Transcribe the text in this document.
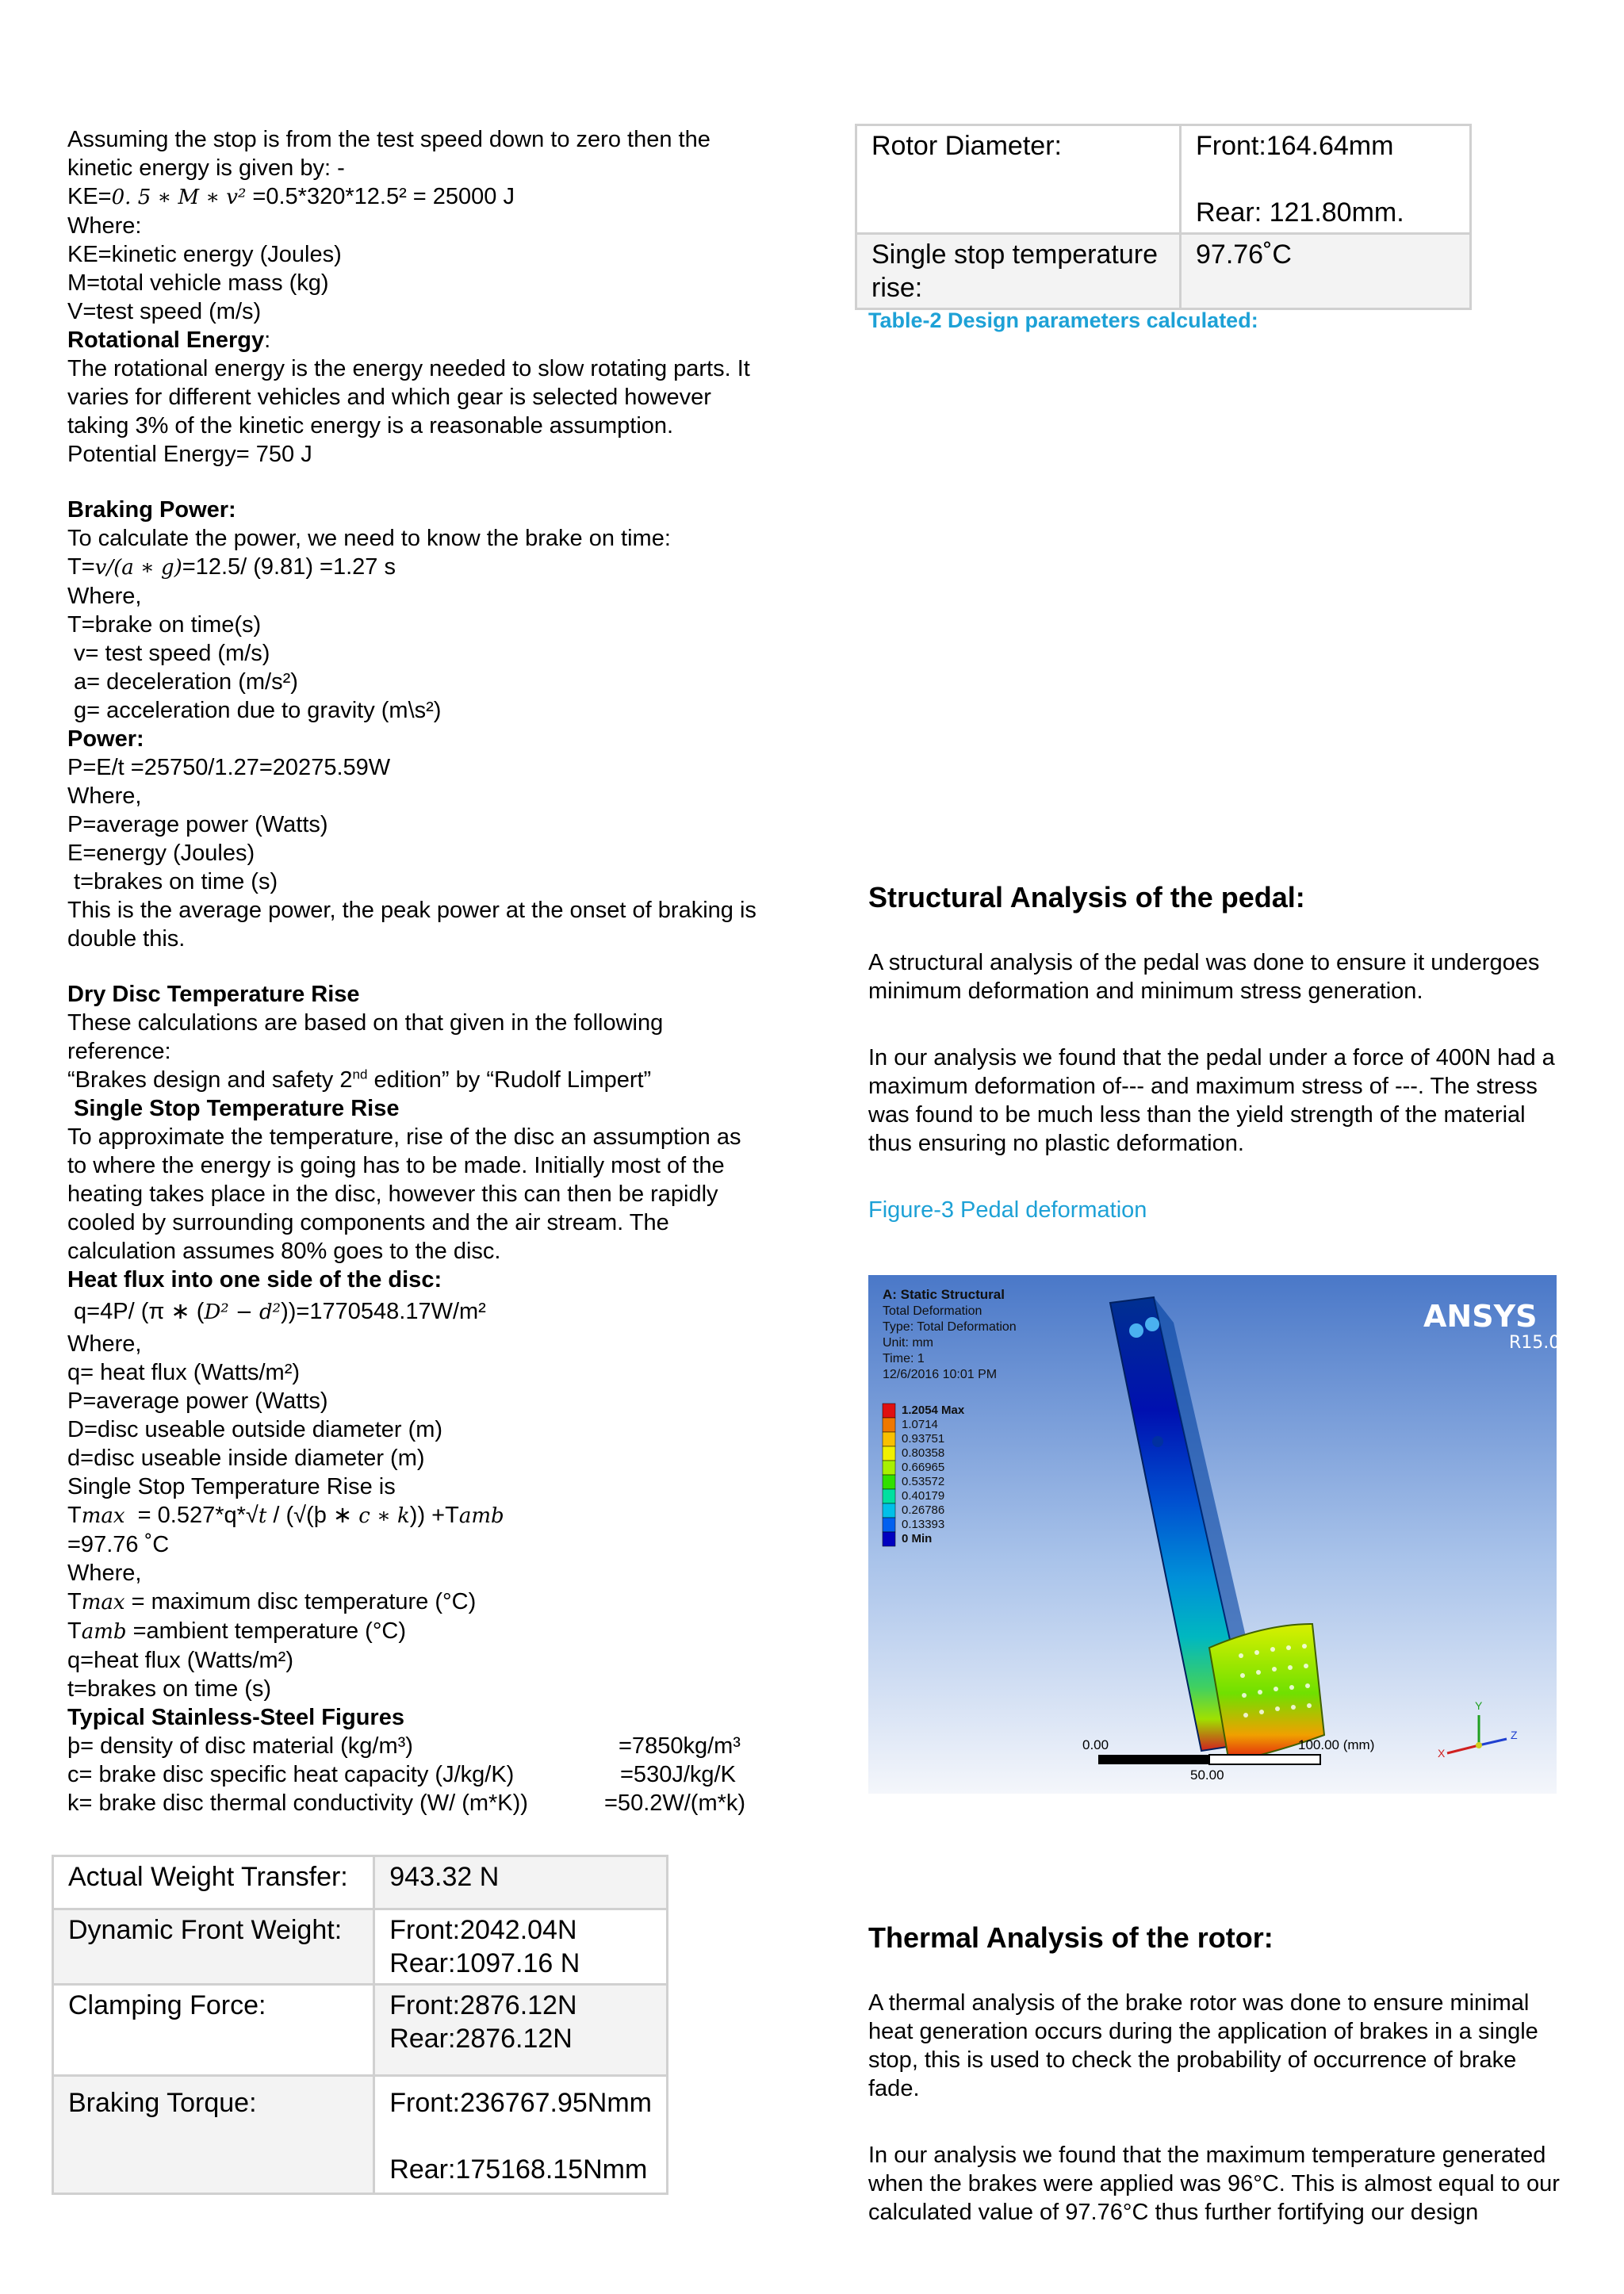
Assuming the stop is from the test speed down to zero then the

kinetic energy is given by: -

KE=0. 5 ∗ M ∗ v² =0.5*320*12.5² = 25000 J

Where:

KE=kinetic energy (Joules)

M=total vehicle mass (kg)

V=test speed (m/s)

Rotational Energy:

The rotational energy is the energy needed to slow rotating parts. It

varies for different vehicles and which gear is selected however

taking 3% of the kinetic energy is a reasonable assumption.

Potential Energy= 750 J

Braking Power:

To calculate the power, we need to know the brake on time:

T=v/(a ∗ g)=12.5/ (9.81) =1.27 s

Where,

T=brake on time(s)

v= test speed (m/s)

a= deceleration (m/s²)

g= acceleration due to gravity (m\s²)

Power:

P=E/t =25750/1.27=20275.59W

Where,

P=average power (Watts)

E=energy (Joules)

t=brakes on time (s)

This is the average power, the peak power at the onset of braking is

double this.

Dry Disc Temperature Rise

These calculations are based on that given in the following

reference:

“Brakes design and safety 2nd edition” by “Rudolf Limpert”

Single Stop Temperature Rise

To approximate the temperature, rise of the disc an assumption as

to where the energy is going has to be made. Initially most of the

heating takes place in the disc, however this can then be rapidly

cooled by surrounding components and the air stream. The

calculation assumes 80% goes to the disc.

Heat flux into one side of the disc:

q=4P/ (π ∗ (D² − d²))=1770548.17W/m²

Where,

q= heat flux (Watts/m²)

P=average power (Watts)

D=disc useable outside diameter (m)

d=disc useable inside diameter (m)

Single Stop Temperature Rise is

Tmax  = 0.527*q*√t / (√(þ ∗ c ∗ k)) +Tamb

=97.76 ˚C

Where,

Tmax = maximum disc temperature (°C)

Tamb =ambient temperature (°C)

q=heat flux (Watts/m²)

t=brakes on time (s)

Typical Stainless-Steel Figures

þ= density of disc material (kg/m³)	=7850kg/m³

c= brake disc specific heat capacity (J/kg/K)	=530J/kg/K

k= brake disc thermal conductivity (W/ (m*K))	=50.2W/(m*k)

Actual Weight Transfer:	943.32 N
Dynamic Front Weight:	Front:2042.04N
Rear:1097.16 N
Clamping Force:	Front:2876.12N
Rear:2876.12N
Braking Torque:	Front:236767.95Nmm

Rear:175168.15Nmm
Rotor Diameter:	Front:164.64mm

Rear: 121.80mm.
Single stop temperature
rise:	97.76˚C

Table-2 Design parameters calculated:

Structural Analysis of the pedal:

A structural analysis of the pedal was done to ensure it undergoes

minimum deformation and minimum stress generation.

In our analysis we found that the pedal under a force of 400N had a

maximum deformation of--- and maximum stress of ---. The stress

was found to be much less than the yield strength of the material

thus ensuring no plastic deformation.

Figure-3 Pedal deformation

A: Static Structural
Total Deformation
Type: Total Deformation
Unit: mm
Time: 1
12/6/2016 10:01 PM
1.2054 Max
1.0714
0.93751
0.80358
0.66965
0.53572
0.40179
0.26786
0.13393
0 Min
ANSYS
R15.0
0.00
50.00
100.00 (mm)
Y
Z
X

Thermal Analysis of the rotor:

A thermal analysis of the brake rotor was done to ensure minimal

heat generation occurs during the application of brakes in a single

stop, this is used to check the probability of occurrence of brake

fade.

In our analysis we found that the maximum temperature generated

when the brakes were applied was 96°C. This is almost equal to our

calculated value of 97.76°C thus further fortifying our design
